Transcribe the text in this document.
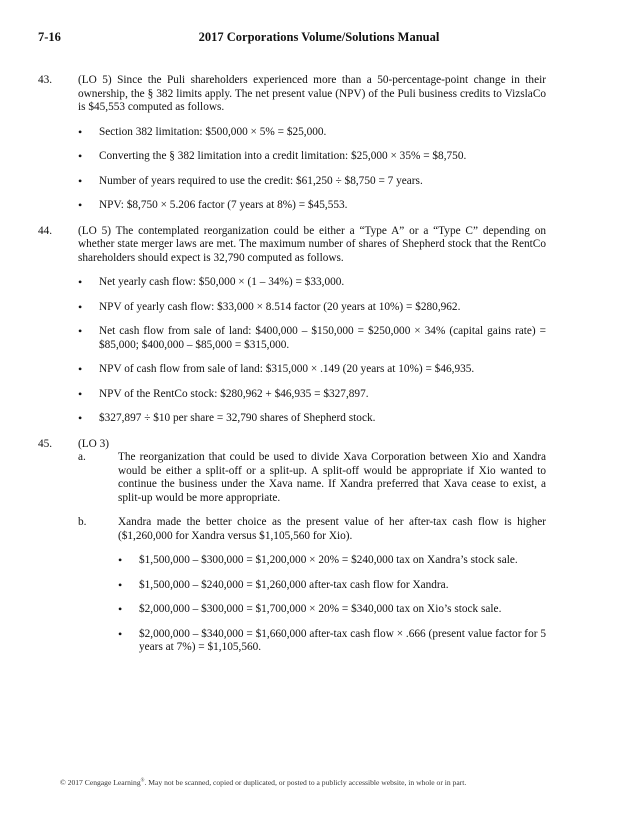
7-16	2017 Corporations Volume/Solutions Manual
43.	(LO 5) Since the Puli shareholders experienced more than a 50-percentage-point change in their ownership, the § 382 limits apply. The net present value (NPV) of the Puli business credits to VizslaCo is $45,553 computed as follows.

• Section 382 limitation: $500,000 × 5% = $25,000.
• Converting the § 382 limitation into a credit limitation: $25,000 × 35% = $8,750.
• Number of years required to use the credit: $61,250 ÷ $8,750 = 7 years.
• NPV: $8,750 × 5.206 factor (7 years at 8%) = $45,553.
44.	(LO 5) The contemplated reorganization could be either a “Type A” or a “Type C” depending on whether state merger laws are met. The maximum number of shares of Shepherd stock that the RentCo shareholders should expect is 32,790 computed as follows.

• Net yearly cash flow: $50,000 × (1 – 34%) = $33,000.
• NPV of yearly cash flow: $33,000 × 8.514 factor (20 years at 10%) = $280,962.
• Net cash flow from sale of land: $400,000 – $150,000 = $250,000 × 34% (capital gains rate) = $85,000; $400,000 – $85,000 = $315,000.
• NPV of cash flow from sale of land: $315,000 × .149 (20 years at 10%) = $46,935.
• NPV of the RentCo stock: $280,962 + $46,935 = $327,897.
• $327,897 ÷ $10 per share = 32,790 shares of Shepherd stock.
45.	(LO 3)

a.	The reorganization that could be used to divide Xava Corporation between Xio and Xandra would be either a split-off or a split-up. A split-off would be appropriate if Xio wanted to continue the business under the Xava name. If Xandra preferred that Xava cease to exist, a split-up would be more appropriate.
b.	Xandra made the better choice as the present value of her after-tax cash flow is higher ($1,260,000 for Xandra versus $1,105,560 for Xio).
• $1,500,000 – $300,000 = $1,200,000 × 20% = $240,000 tax on Xandra’s stock sale.
• $1,500,000 – $240,000 = $1,260,000 after-tax cash flow for Xandra.
• $2,000,000 – $300,000 = $1,700,000 × 20% = $340,000 tax on Xio’s stock sale.
• $2,000,000 – $340,000 = $1,660,000 after-tax cash flow × .666 (present value factor for 5 years at 7%) = $1,105,560.
© 2017 Cengage Learning®. May not be scanned, copied or duplicated, or posted to a publicly accessible website, in whole or in part.
